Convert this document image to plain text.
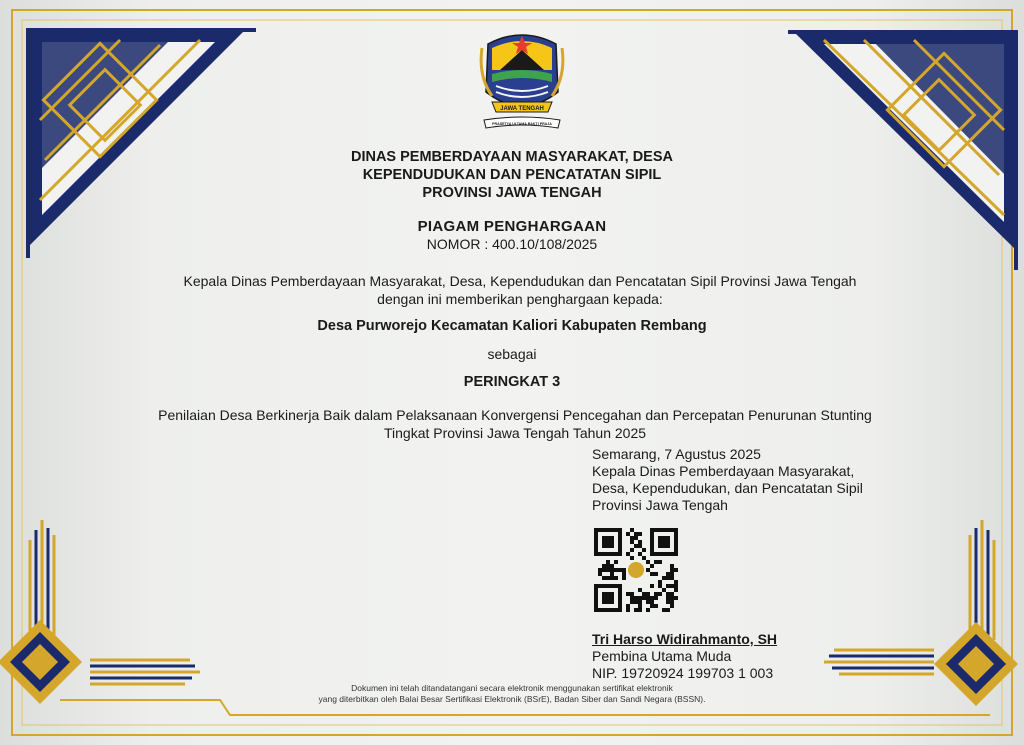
JAWA TENGAH
PRASETYA ULTAMA BAKTI PRAJA
DINAS PEMBERDAYAAN MASYARAKAT, DESA
KEPENDUDUKAN DAN PENCATATAN SIPIL
PROVINSI JAWA TENGAH
PIAGAM PENGHARGAAN
NOMOR : 400.10/108/2025
Kepala Dinas Pemberdayaan Masyarakat, Desa, Kependudukan dan Pencatatan Sipil Provinsi Jawa Tengah
dengan ini memberikan penghargaan kepada:
Desa Purworejo Kecamatan Kaliori Kabupaten Rembang
sebagai
PERINGKAT 3
Penilaian Desa Berkinerja Baik dalam Pelaksanaan Konvergensi Pencegahan dan Percepatan Penurunan Stunting
Tingkat Provinsi Jawa Tengah Tahun 2025
Semarang, 7 Agustus 2025
Kepala Dinas Pemberdayaan Masyarakat,
Desa, Kependudukan, dan Pencatatan Sipil
Provinsi Jawa Tengah
Tri Harso Widirahmanto, SH
Pembina Utama Muda
NIP. 19720924 199703 1 003
Dokumen ini telah ditandatangani secara elektronik menggunakan sertifikat elektronik
yang diterbitkan oleh Balai Besar Sertifikasi Elektronik (BSrE), Badan Siber dan Sandi Negara (BSSN).
